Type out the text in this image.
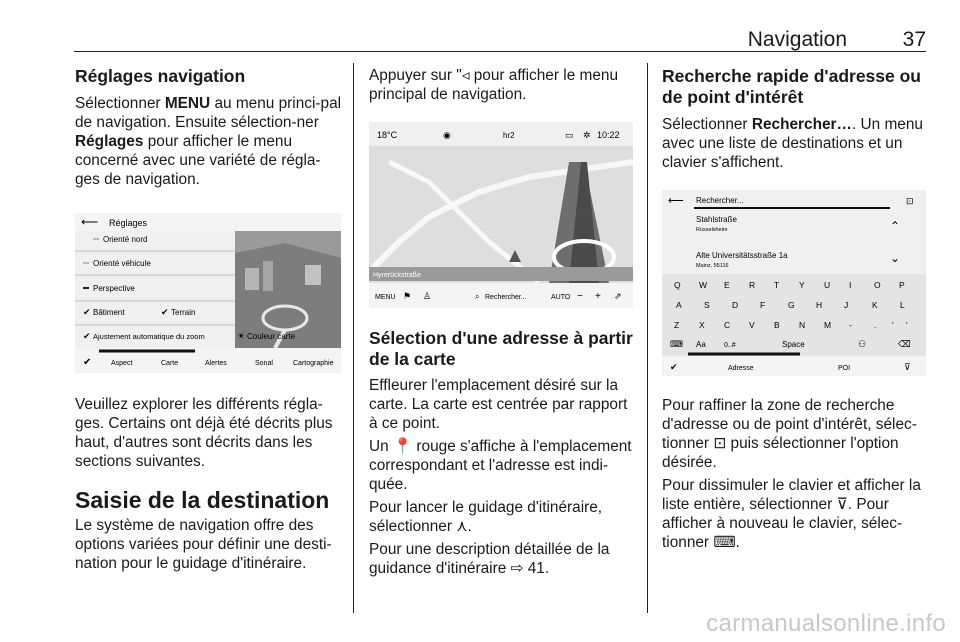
Navigation	37
Réglages navigation

Sélectionner MENU au menu princi-pal de navigation. Ensuite sélection-ner Réglages pour afficher le menu concerné avec une variété de régla-ges de navigation.

⟵ Réglages
Orienté nord
Orienté véhicule
Perspective
✔ Bâtiment	✔ Terrain
✔ Ajustement automatique du zoom	☀ Couleur carte
✔	Aspect	Carte	Alertes	Sonal	Cartographie

Veuillez explorer les différents régla-ges. Certains ont déjà été décrits plus haut, d'autres sont décrits dans les sections suivantes.

Saisie de la destination

Le système de navigation offre des options variées pour définir une desti-nation pour le guidage d'itinéraire.

Appuyer sur "◃ pour afficher le menu principal de navigation.

Hyrerückstraße
18°C	◉	hr2	▭ ✲ 10:22
MENU ⚑ ♙	⌕ Rechercher...	AUTO − + ⇗
Sélection d'une adresse à partir de la carte

Effleurer l'emplacement désiré sur la carte. La carte est centrée par rapport à ce point.

Un 📍 rouge s'affiche à l'emplacement correspondant et l'adresse est indi-quée.

Pour lancer le guidage d'itinéraire, sélectionner ⋏.

Pour une description détaillée de la guidance d'itinéraire ⇨ 41.

Recherche rapide d'adresse ou de point d'intérêt

Sélectionner Rechercher…. Un menu avec une liste de destinations et un clavier s'affichent.

⟵ Rechercher...	⊡
Stahlstraße
Rüsselsheim	⌃
Alte Universitätsstraße 1a
Mainz, 55116
⌄
Q W E R T Y U I	O P
A	S	D	F	G	H	J	K	L
Z X C V B N M -	. ' '
⌨ Aa	0..#	Space	⚇	⌫
✔	Adresse	POI	⊽

Pour raffiner la zone de recherche d'adresse ou de point d'intérêt, sélec-tionner ⊡ puis sélectionner l'option désirée.

Pour dissimuler le clavier et afficher la liste entière, sélectionner ⊽. Pour afficher à nouveau le clavier, sélec-tionner ⌨.

carmanualsonline.info
